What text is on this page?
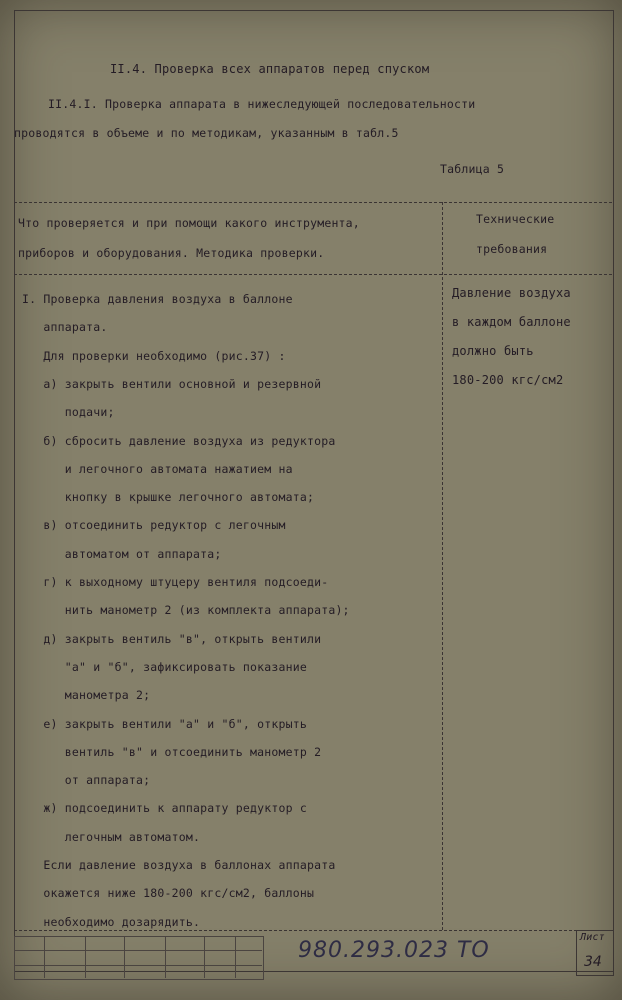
II.4. Проверка всех аппаратов перед спуском
II.4.I. Проверка аппарата в нижеследующей последовательности
проводятся в объеме и по методикам, указанным в табл.5
Таблица 5
Что проверяется и при помощи какого инструмента,
приборов и оборудования. Методика проверки.
Технические
требования
I. Проверка давления воздуха в баллоне
аппарата.
Для проверки необходимо (рис.37) :
а) закрыть вентили основной и резервной
подачи;
б) сбросить давление воздуха из редуктора
и легочного автомата нажатием на
кнопку в крышке легочного автомата;
в) отсоединить редуктор с легочным
автоматом от аппарата;
г) к выходному штуцеру вентиля подсоеди-
нить манометр 2 (из комплекта аппарата);
д) закрыть вентиль "в", открыть вентили
"а" и "б", зафиксировать показание
манометра 2;
е) закрыть вентили "а" и "б", открыть
вентиль "в" и отсоединить манометр 2
от аппарата;
ж) подсоединить к аппарату редуктор с
легочным автоматом.
Если давление воздуха в баллонах аппарата
окажется ниже 180-200 кгс/см2, баллоны
необходимо дозарядить.
Давление воздуха
в каждом баллоне
должно быть
180-200 кгс/см2
980.293.023 ТО
Лист
34
